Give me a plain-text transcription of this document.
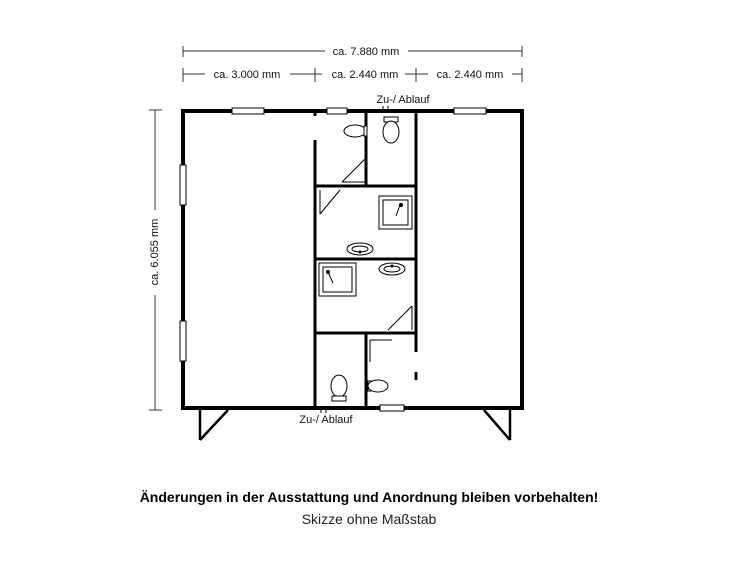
ca. 7.880 mm
ca. 3.000 mm	ca. 2.440 mm	ca. 2.440 mm
ca. 6.055 mm
Zu-/ Ablauf
Zu-/ Ablauf
Änderungen in der Ausstattung und Anordnung bleiben vorbehalten!
Skizze ohne Maßstab
